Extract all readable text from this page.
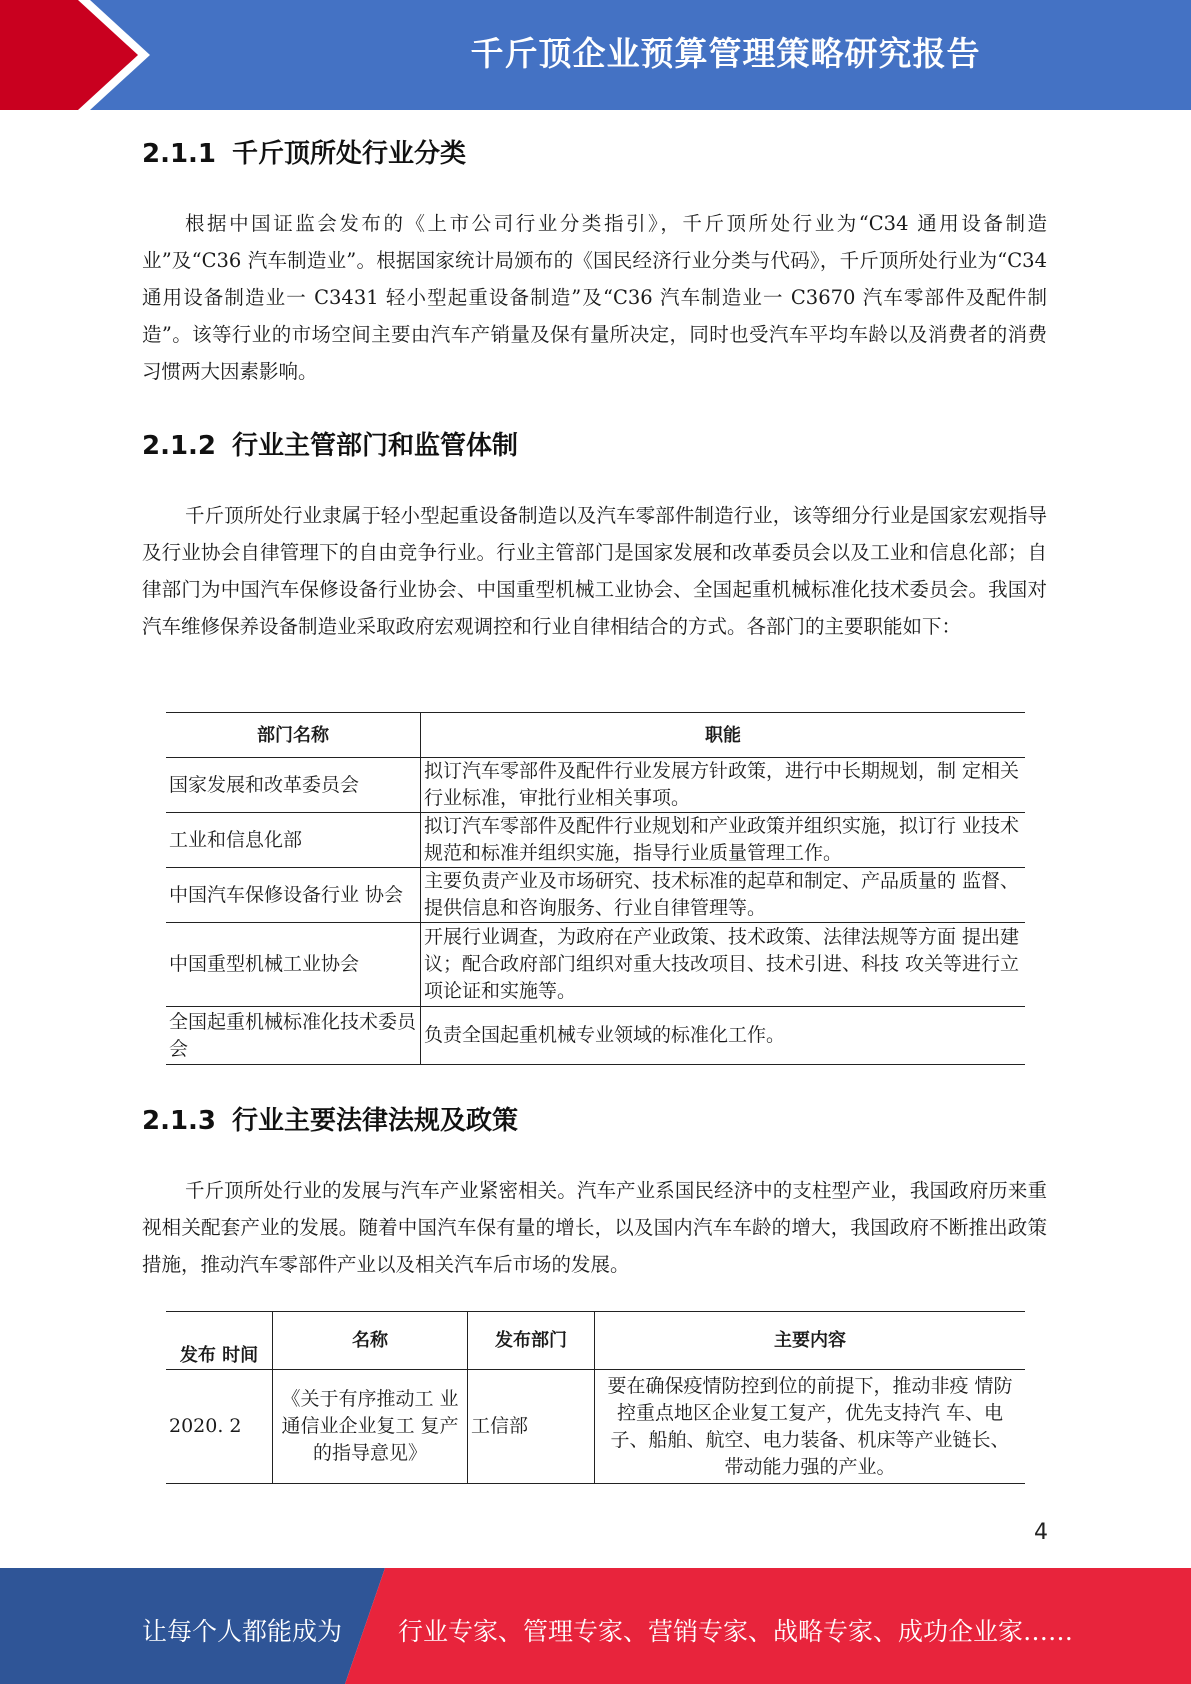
千斤顶企业预算管理策略研究报告
2.1.1 千斤顶所处行业分类

根据中国证监会发布的《上市公司行业分类指引》，千斤顶所处行业为“C34 通用设备制造业”及“C36 汽车制造业”。根据国家统计局颁布的《国民经济行业分类与代码》，千斤顶所处行业为“C34 通用设备制造业一 C3431 轻小型起重设备制造”及“C36 汽车制造业一 C3670 汽车零部件及配件制造”。该等行业的市场空间主要由汽车产销量及保有量所决定，同时也受汽车平均车龄以及消费者的消费习惯两大因素影响。

2.1.2 行业主管部门和监管体制

千斤顶所处行业隶属于轻小型起重设备制造以及汽车零部件制造行业，该等细分行业是国家宏观指导及行业协会自律管理下的自由竞争行业。行业主管部门是国家发展和改革委员会以及工业和信息化部；自律部门为中国汽车保修设备行业协会、中国重型机械工业协会、全国起重机械标准化技术委员会。我国对汽车维修保养设备制造业采取政府宏观调控和行业自律相结合的方式。各部门的主要职能如下：

部门名称	职能
国家发展和改革委员会	拟订汽车零部件及配件行业发展方针政策，进行中长期规划，制 定相关行业标准，审批行业相关事项。
工业和信息化部	拟订汽车零部件及配件行业规划和产业政策并组织实施，拟订行 业技术规范和标准并组织实施，指导行业质量管理工作。
中国汽车保修设备行业 协会	主要负责产业及市场研究、技术标准的起草和制定、产品质量的 监督、提供信息和咨询服务、行业自律管理等。
中国重型机械工业协会	开展行业调查，为政府在产业政策、技术政策、法律法规等方面 提出建议；配合政府部门组织对重大技改项目、技术引进、科技 攻关等进行立项论证和实施等。
全国起重机械标准化技术委员会	负责全国起重机械专业领域的标准化工作。
2.1.3 行业主要法律法规及政策

千斤顶所处行业的发展与汽车产业紧密相关。汽车产业系国民经济中的支柱型产业，我国政府历来重视相关配套产业的发展。随着中国汽车保有量的增长，以及国内汽车车龄的增大，我国政府不断推出政策措施，推动汽车零部件产业以及相关汽车后市场的发展。

发布 时间	名称	发布部门	主要内容
2020. 2	《关于有序推动工 业通信业企业复工 复产的指导意见》	工信部	要在确保疫情防控到位的前提下，推动非疫 情防控重点地区企业复工复产，优先支持汽 车、电子、船舶、航空、电力装备、机床等产业链长、带动能力强的产业。
4
让每个人都能成为 行业专家、管理专家、营销专家、战略专家、成功企业家……
